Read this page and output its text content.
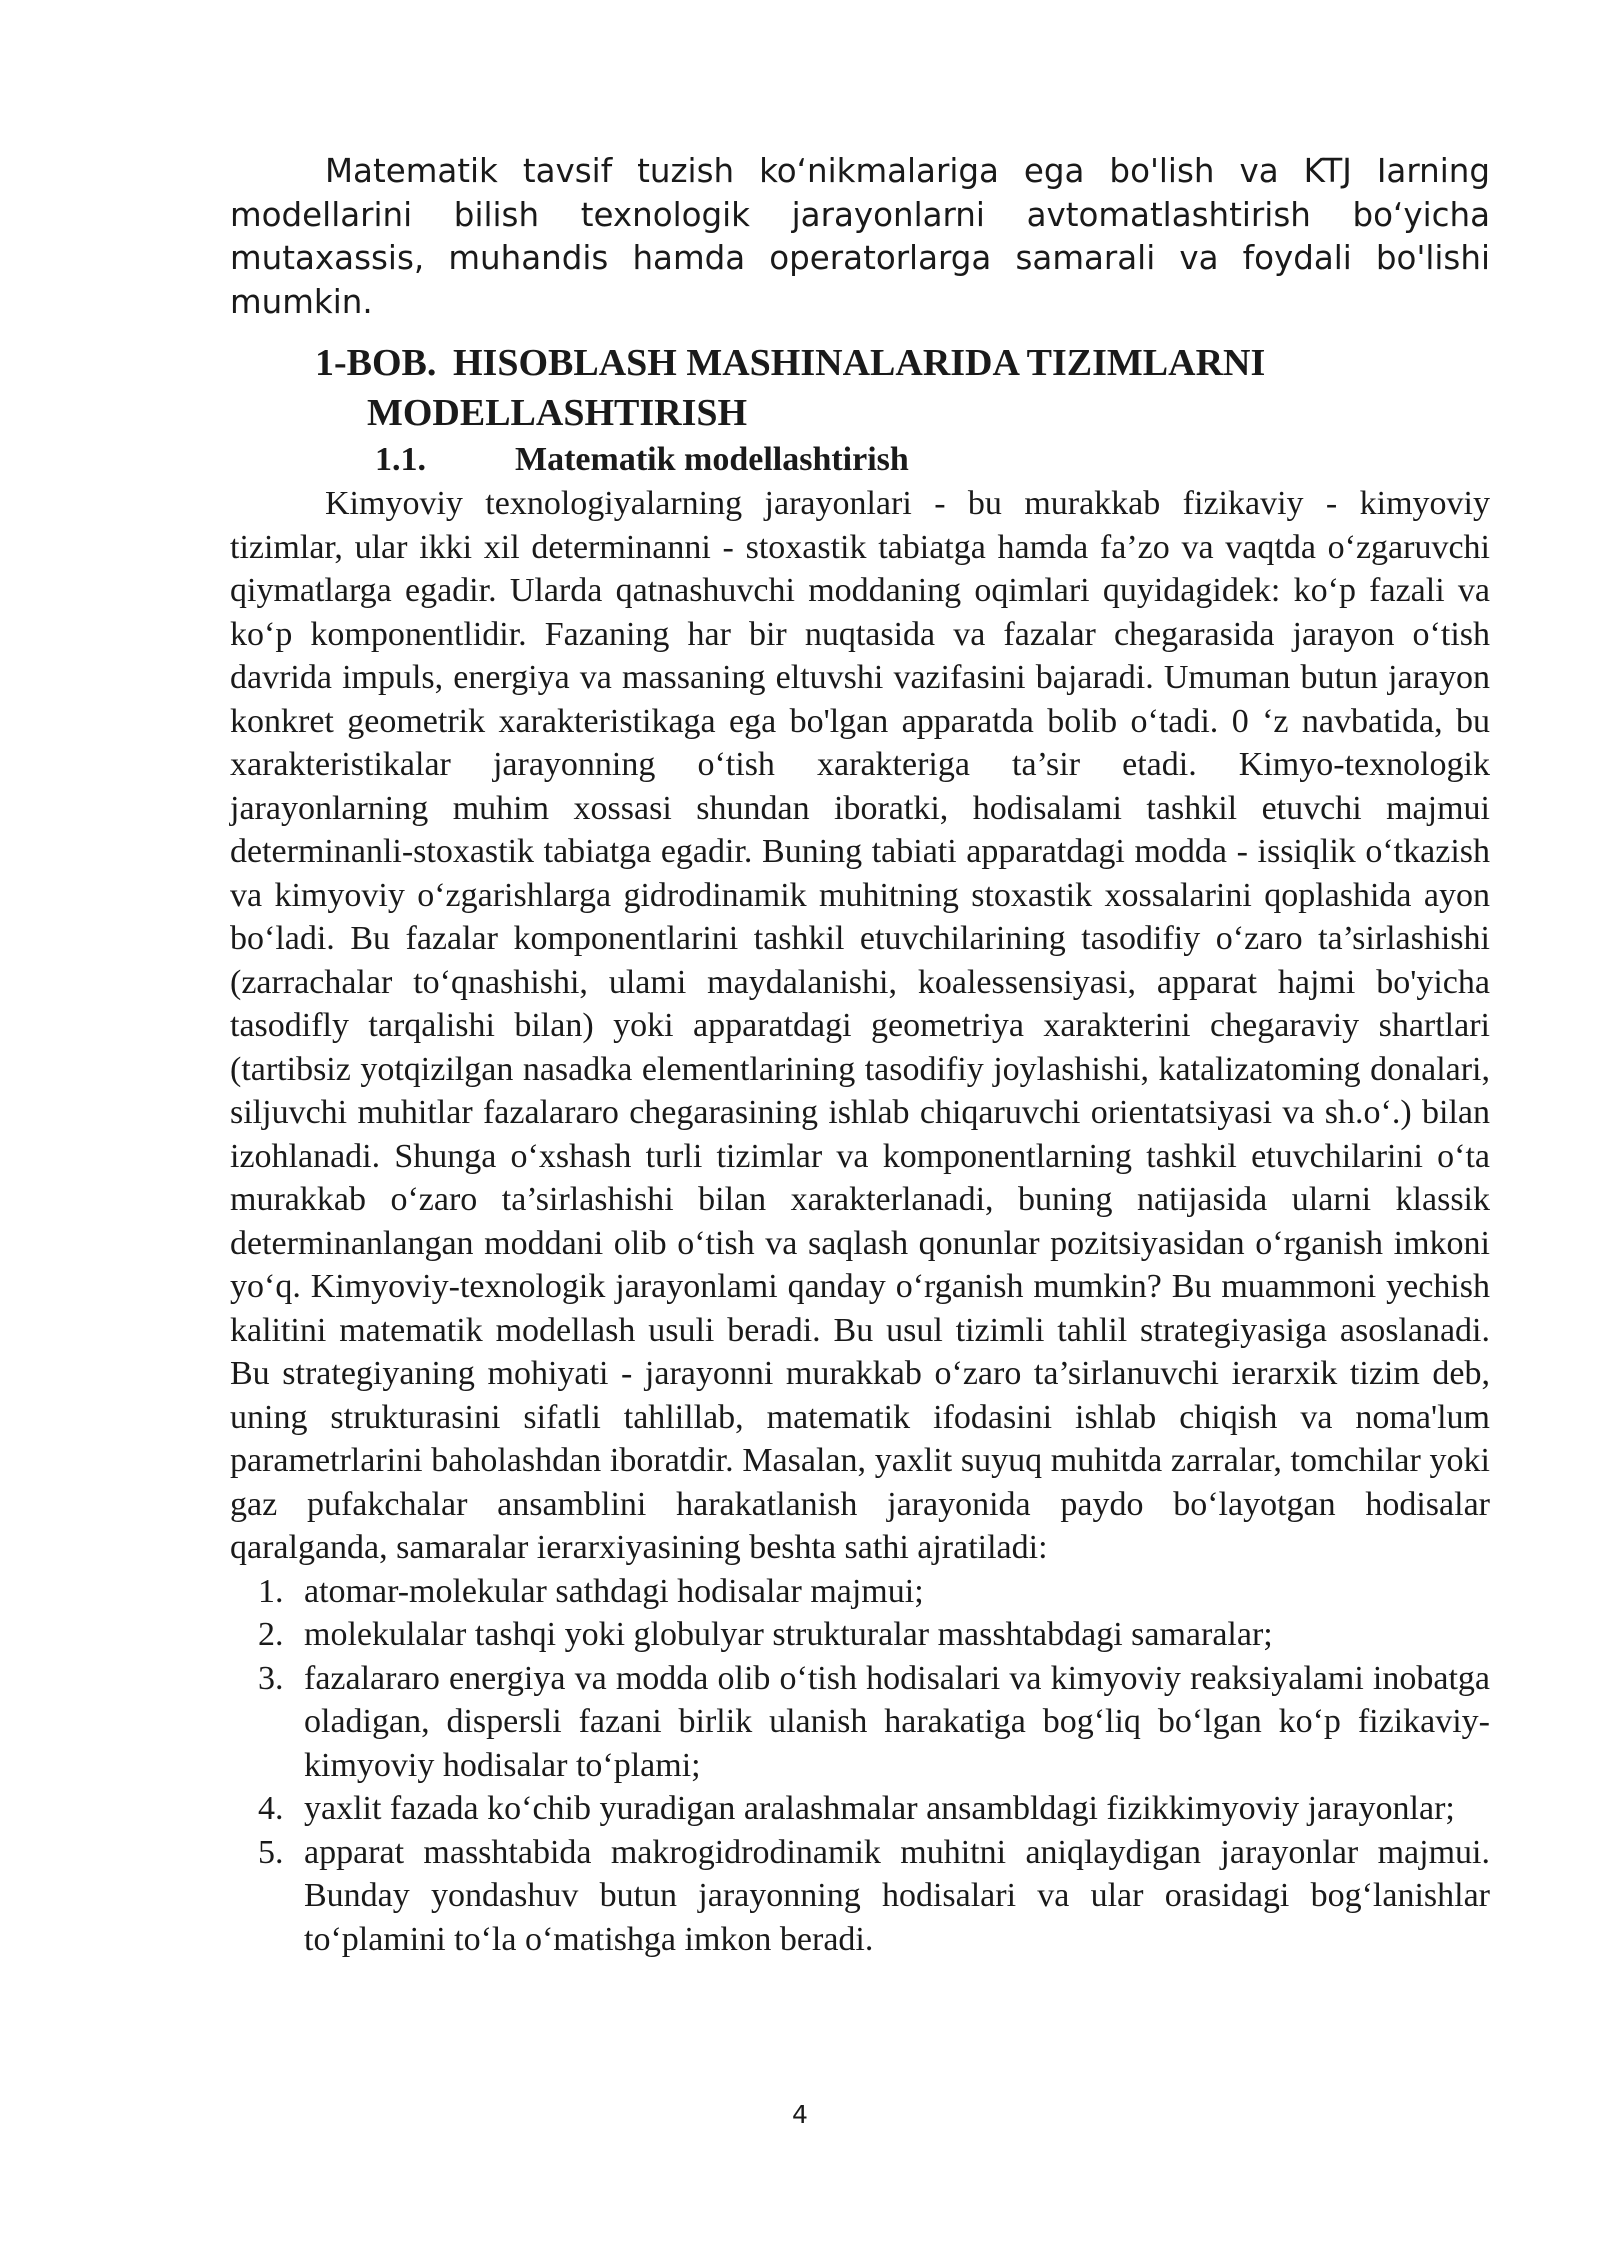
Matematik tavsif tuzish ko‘nikmalariga ega bo'lish va KTJ Iarning modellarini bilish texnologik jarayonlarni avtomatlashtirish bo‘yicha mutaxassis, muhandis hamda operatorlarga samarali va foydali bo'lishi mumkin.

1-BOB. HISOBLASH MASHINALARIDA TIZIMLARNI
MODELLASHTIRISH
1.1.	Matematik modellashtirish

Kimyoviy texnologiyalarning jarayonlari - bu murakkab fizikaviy - kimyoviy tizimlar, ular ikki xil determinanni - stoxastik tabiatga hamda fa’zo va vaqtda o‘zgaruvchi qiymatlarga egadir. Ularda qatnashuvchi moddaning oqimlari quyidagidek: ko‘p fazali va ko‘p komponentlidir. Fazaning har bir nuqtasida va fazalar chegarasida jarayon o‘tish davrida impuls, energiya va massaning eltuvshi vazifasini bajaradi. Umuman butun jarayon konkret geometrik xarakteristikaga ega bo'lgan apparatda bolib o‘tadi. 0 ‘z navbatida, bu xarakteristikalar jarayonning o‘tish xarakteriga ta’sir etadi. Kimyo-texnologik jarayonlarning muhim xossasi shundan iboratki, hodisalami tashkil etuvchi majmui determinanli-stoxastik tabiatga egadir. Buning tabiati apparatdagi modda - issiqlik o‘tkazish va kimyoviy o‘zgarishlarga gidrodinamik muhitning stoxastik xossalarini qoplashida ayon bo‘ladi. Bu fazalar komponentlarini tashkil etuvchilarining tasodifiy o‘zaro ta’sirlashishi (zarrachalar to‘qnashishi, ulami maydalanishi, koalessensiyasi, apparat hajmi bo'yicha tasodifly tarqalishi bilan) yoki apparatdagi geometriya xarakterini chegaraviy shartlari (tartibsiz yotqizilgan nasadka elementlarining tasodifiy joylashishi, katalizatoming donalari, siljuvchi muhitlar fazalararo chegarasining ishlab chiqaruvchi orientatsiyasi va sh.o‘.) bilan izohlanadi. Shunga o‘xshash turli tizimlar va komponentlarning tashkil etuvchilarini o‘ta murakkab o‘zaro ta’sirlashishi bilan xarakterlanadi, buning natijasida ularni klassik determinanlangan moddani olib o‘tish va saqlash qonunlar pozitsiyasidan o‘rganish imkoni yo‘q. Kimyoviy-texnologik jarayonlami qanday o‘rganish mumkin? Bu muammoni yechish kalitini matematik modellash usuli beradi. Bu usul tizimli tahlil strategiyasiga asoslanadi. Bu strategiyaning mohiyati - jarayonni murakkab o‘zaro ta’sirlanuvchi ierarxik tizim deb, uning strukturasini sifatli tahlillab, matematik ifodasini ishlab chiqish va noma'lum parametrlarini baholashdan iboratdir. Masalan, yaxlit suyuq muhitda zarralar, tomchilar yoki gaz pufakchalar ansamblini harakatlanish jarayonida paydo bo‘layotgan hodisalar qaralganda, samaralar ierarxiyasining beshta sathi ajratiladi:

1. atomar-molekular sathdagi hodisalar majmui;
2. molekulalar tashqi yoki globulyar strukturalar masshtabdagi samaralar;
3. fazalararo energiya va modda olib o‘tish hodisalari va kimyoviy reaksiyalami inobatga oladigan, dispersli fazani birlik ulanish harakatiga bog‘liq bo‘lgan ko‘p fizikaviy-kimyoviy hodisalar to‘plami;
4. yaxlit fazada ko‘chib yuradigan aralashmalar ansambldagi fizikkimyoviy jarayonlar;
5. apparat masshtabida makrogidrodinamik muhitni aniqlaydigan jarayonlar majmui. Bunday yondashuv butun jarayonning hodisalari va ular orasidagi bog‘lanishlar to‘plamini to‘la o‘matishga imkon beradi.
4
